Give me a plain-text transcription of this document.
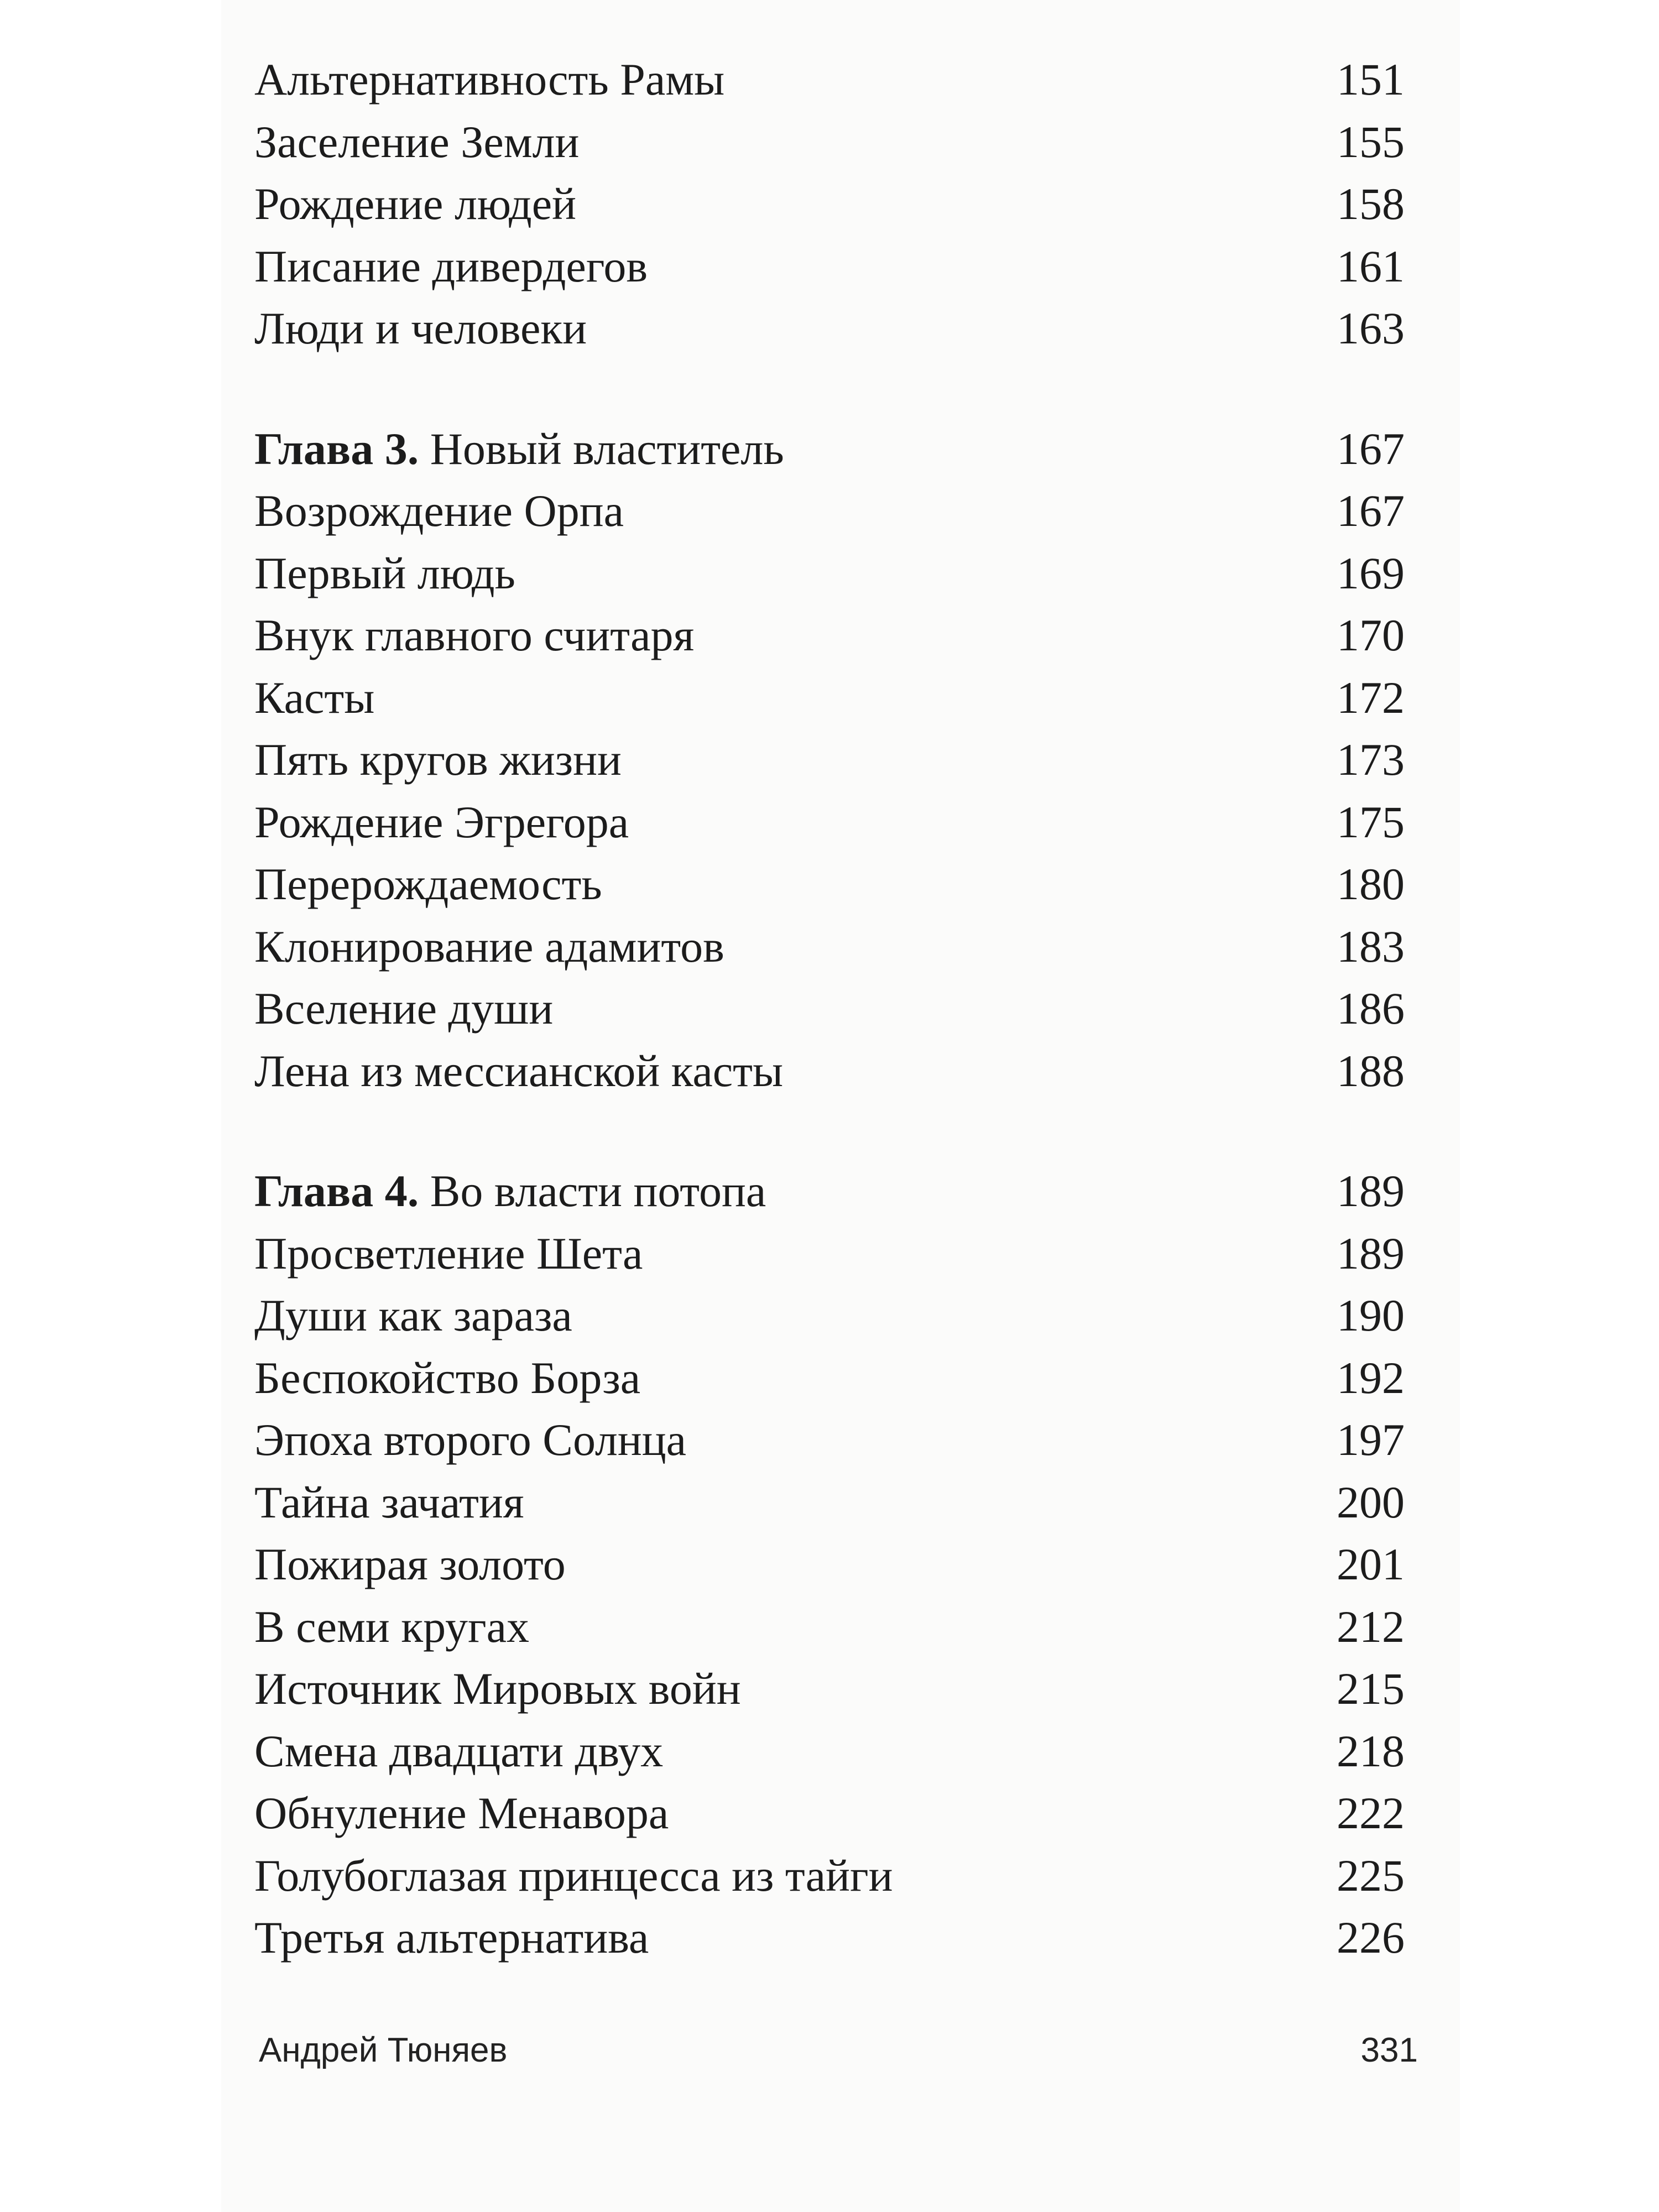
Альтернативность Рамы	151
Заселение Земли	155
Рождение людей	158
Писание дивердегов	161
Люди и человеки	163
Глава 3. Новый властитель	167
Возрождение Орпа	167
Первый людь	169
Внук главного считаря	170
Касты	172
Пять кругов жизни	173
Рождение Эгрегора	175
Перерождаемость	180
Клонирование адамитов	183
Вселение души	186
Лена из мессианской касты	188
Глава 4. Во власти потопа	189
Просветление Шета	189
Души как зараза	190
Беспокойство Борза	192
Эпоха второго Солнца	197
Тайна зачатия	200
Пожирая золото	201
В семи кругах	212
Источник Мировых войн	215
Смена двадцати двух	218
Обнуление Менавора	222
Голубоглазая принцесса из тайги	225
Третья альтернатива	226
Андрей Тюняев	331
